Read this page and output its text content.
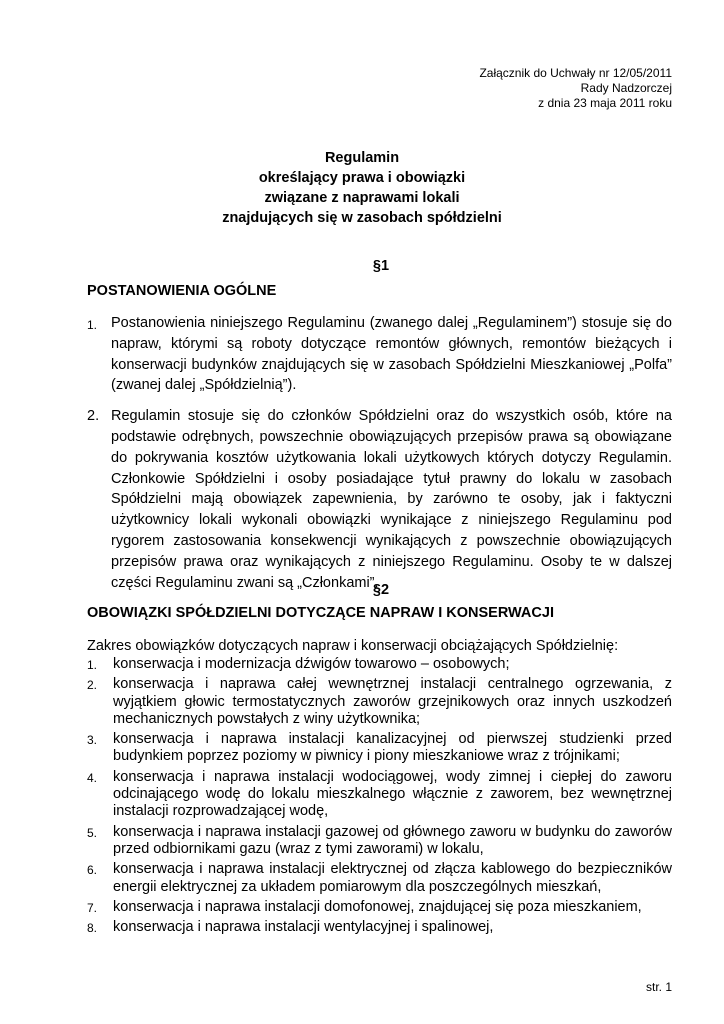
Załącznik do Uchwały nr 12/05/2011
Rady Nadzorczej
z dnia 23 maja 2011 roku
Regulamin
określający prawa i obowiązki
związane z naprawami lokali
znajdujących się w zasobach spółdzielni
§1
POSTANOWIENIA OGÓLNE
1. Postanowienia niniejszego Regulaminu (zwanego dalej „Regulaminem”) stosuje się do napraw, którymi są roboty dotyczące remontów głównych, remontów bieżących i konserwacji budynków znajdujących się w zasobach Spółdzielni Mieszkaniowej „Polfa” (zwanej dalej „Spółdzielnią”).
2. Regulamin stosuje się do członków Spółdzielni oraz do wszystkich osób, które na podstawie odrębnych, powszechnie obowiązujących przepisów prawa są obowiązane do pokrywania kosztów użytkowania lokali użytkowych których dotyczy Regulamin. Członkowie Spółdzielni i osoby posiadające tytuł prawny do lokalu w zasobach Spółdzielni mają obowiązek zapewnienia, by zarówno te osoby, jak i faktyczni użytkownicy lokali wykonali obowiązki wynikające z niniejszego Regulaminu pod rygorem zastosowania konsekwencji wynikających z powszechnie obowiązujących przepisów prawa oraz wynikających z niniejszego Regulaminu. Osoby te w dalszej części Regulaminu zwani są „Członkami”.
§2
OBOWIĄZKI SPÓŁDZIELNI DOTYCZĄCE NAPRAW I KONSERWACJI
Zakres obowiązków dotyczących napraw i konserwacji obciążających Spółdzielnię:
1. konserwacja i modernizacja dźwigów towarowo – osobowych;
2. konserwacja i naprawa całej wewnętrznej instalacji centralnego ogrzewania, z wyjątkiem głowic termostatycznych zaworów grzejnikowych oraz innych uszkodzeń mechanicznych powstałych z winy użytkownika;
3. konserwacja i naprawa instalacji kanalizacyjnej od pierwszej studzienki przed budynkiem poprzez poziomy w piwnicy i piony mieszkaniowe wraz z trójnikami;
4. konserwacja i naprawa instalacji wodociągowej, wody zimnej i ciepłej do zaworu odcinającego wodę do lokalu mieszkalnego włącznie z zaworem, bez wewnętrznej instalacji rozprowadzającej wodę,
5. konserwacja i naprawa instalacji gazowej od głównego zaworu w budynku do zaworów przed odbiornikami gazu (wraz z tymi zaworami) w lokalu,
6. konserwacja i naprawa instalacji elektrycznej od złącza kablowego do bezpieczników energii elektrycznej za układem pomiarowym dla poszczególnych mieszkań,
7. konserwacja i naprawa instalacji domofonowej, znajdującej się poza mieszkaniem,
8. konserwacja i naprawa instalacji wentylacyjnej i spalinowej,
str. 1
